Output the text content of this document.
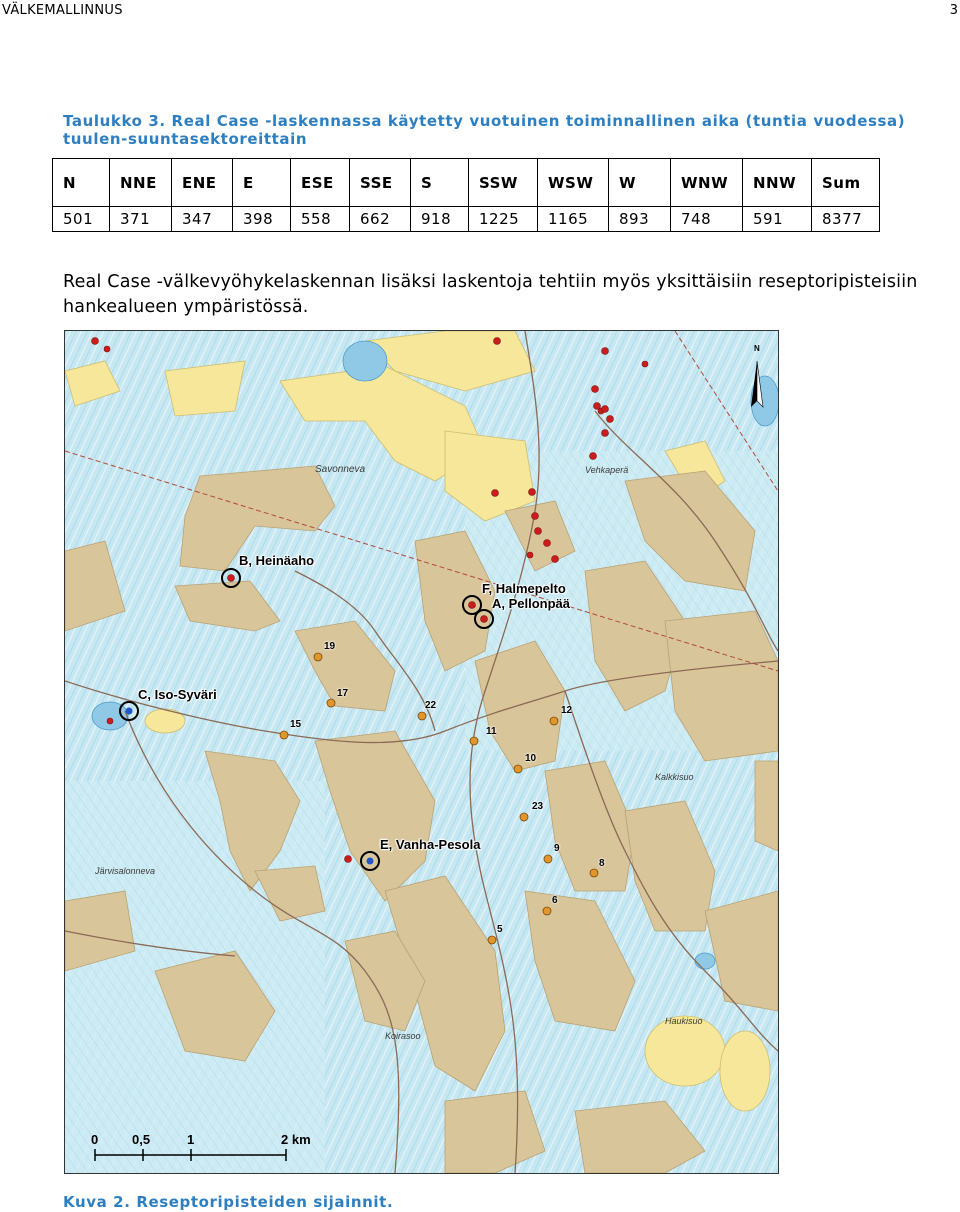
VÄLKEMALLINNUS	3
Taulukko 3. Real Case -laskennassa käytetty vuotuinen toiminnallinen aika (tuntia vuodessa) tuulen-suuntasektoreittain
N	NNE	ENE	E	ESE	SSE	S	SSW	WSW	W	WNW	NNW	Sum
501	371	347	398	558	662	918	1225	1165	893	748	591	8377
Real Case -välkevyöhykelaskennan lisäksi laskentoja tehtiin myös yksittäisiin reseptoripisteisiin hankealueen ympäristössä.
B, Heinäaho
F, Halmepelto
A, Pellonpää
C, Iso-Syväri
E, Vanha-Pesola
19
17
15
22
11
12
10
23
9
8
6
5
Savonneva	Vehkaperä
Järvisalonneva
Koirasoo
Haukisuo
Kalkkisuo
N
0	0,5	1	2 km
Kuva 2. Reseptoripisteiden sijainnit.
